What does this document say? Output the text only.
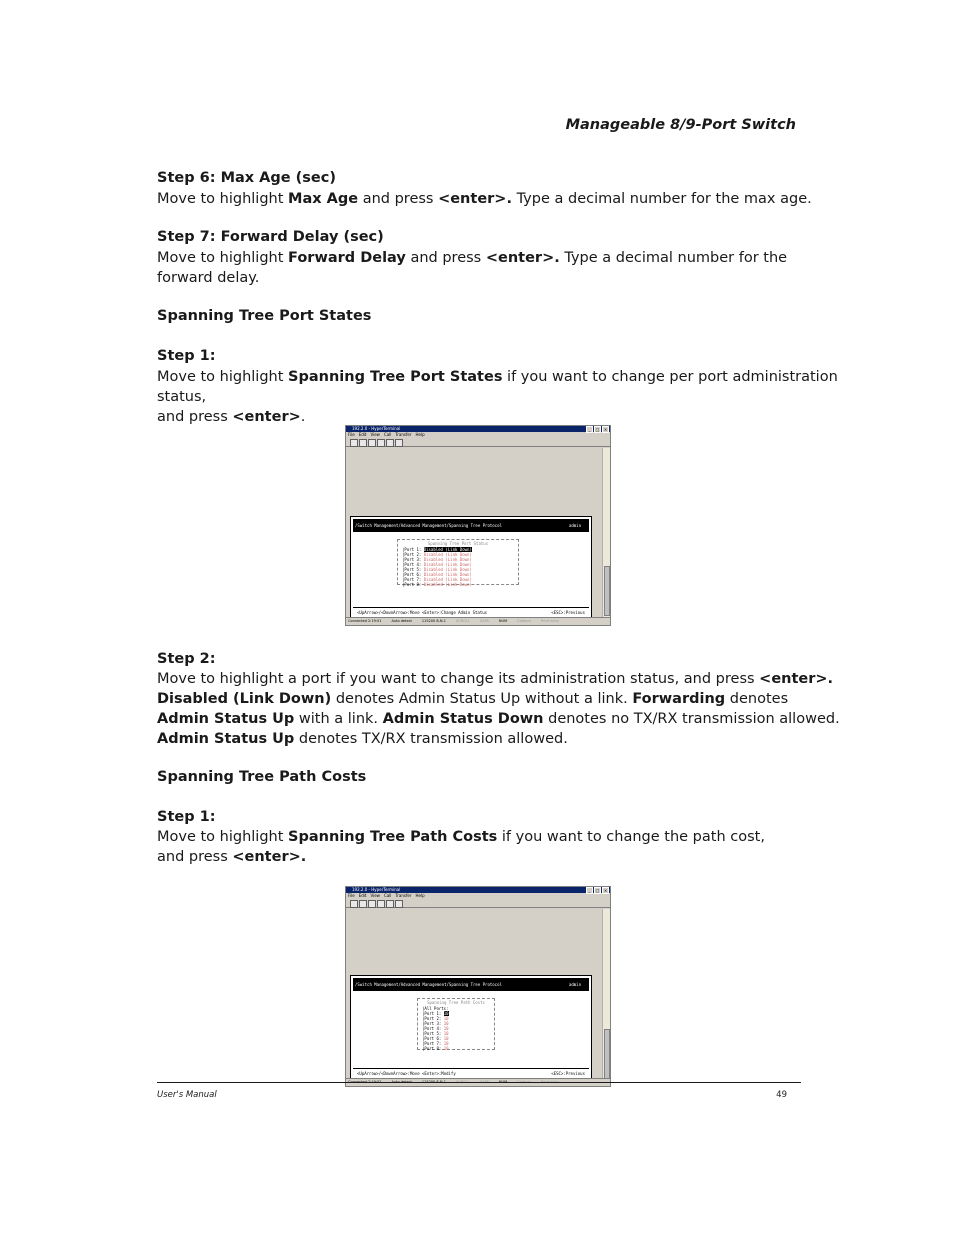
Manageable 8/9-Port Switch
Step 6: Max Age (sec)
Move to highlight Max Age and press <enter>. Type a decimal number for the max age.
Step 7: Forward Delay (sec)
Move to highlight Forward Delay and press <enter>. Type a decimal number for the
forward delay.
Spanning Tree Port States
Step 1:
Move to highlight Spanning Tree Port States if you want to change per port administration status,
and press <enter>.
192.2.0 - HyperTerminal	_	□	×
File Edit View Call Transfer Help
/Switch Management/Advanced Management/Spanning Tree Protocol	admin
Spanning Tree Port Status
|Port 1: Disabled (Link Down)
|Port 2: Disabled (Link Down)
|Port 3: Disabled (Link Down)
|Port 4: Disabled (Link Down)
|Port 5: Disabled (Link Down)
|Port 6: Disabled (Link Down)
|Port 7: Disabled (Link Down)
|Port 8: Disabled (Link Down)
<UpArrow>/<DownArrow>:Move <Enter>:Change Admin Status	<ESC>:Previous
Connected 2:19:51	Auto detect	115200 8-N-1	SCROLL	CAPS	NUM	Capture	Print echo
Step 2:
Move to highlight a port if you want to change its administration status, and press <enter>.
Disabled (Link Down) denotes Admin Status Up without a link. Forwarding denotes
Admin Status Up with a link. Admin Status Down denotes no TX/RX transmission allowed.
Admin Status Up denotes TX/RX transmission allowed.
Spanning Tree Path Costs
Step 1:
Move to highlight Spanning Tree Path Costs if you want to change the path cost,
and press <enter>.
192.2.0 - HyperTerminal	_	□	×
File Edit View Call Transfer Help
/Switch Management/Advanced Management/Spanning Tree Protocol	admin
Spanning Tree Path Costs
|All Ports:
|Port 1: 10
|Port 2: 10
|Port 3: 10
|Port 4: 10
|Port 5: 10
|Port 6: 10
|Port 7: 10
|Port 8: 10
<UpArrow>/<DownArrow>:Move <Enter>:Modify	<ESC>:Previous
User's Manual	49
